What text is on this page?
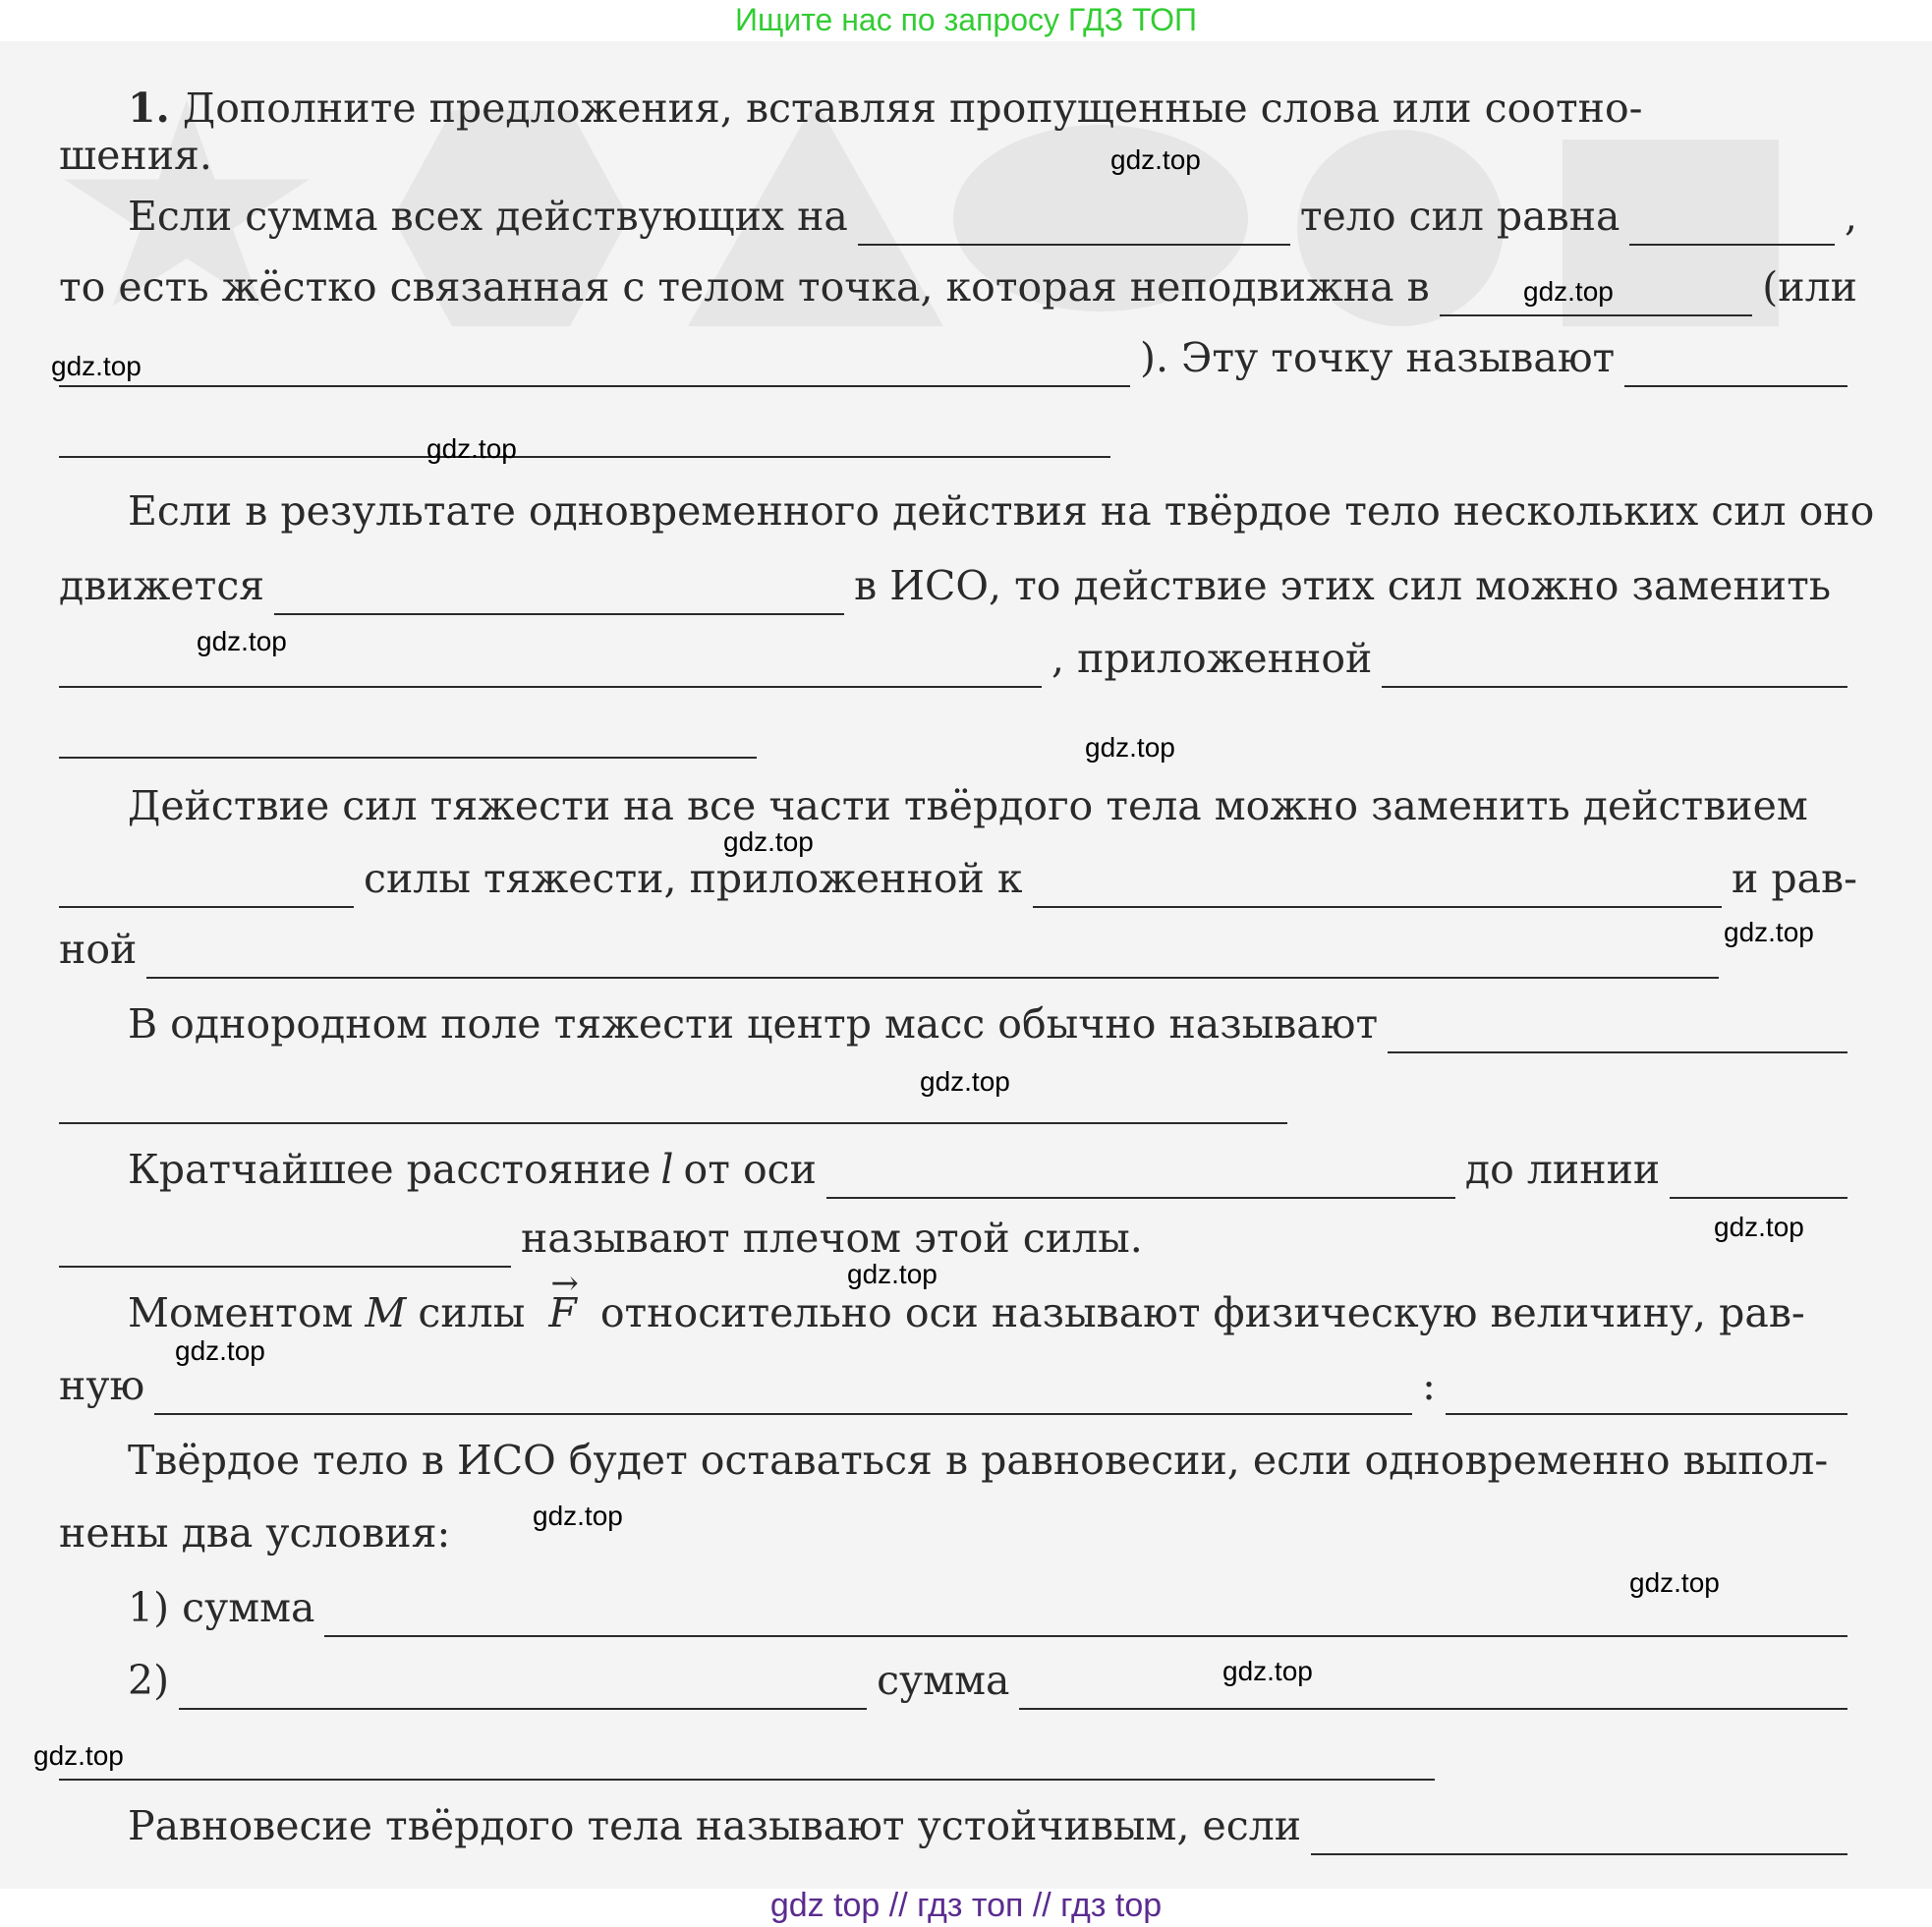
Ищите нас по запросу ГДЗ ТОП
1. Дополните предложения, вставляя пропущенные слова или соотно-
шения.
Если сумма всех действующих на	тело сил равна	,
то есть жёстко связанная с телом точка, которая неподвижна в	(или
). Эту точку называют
Если в результате одновременного действия на твёрдое тело нескольких сил оно
движется	в ИСО, то действие этих сил можно заменить
, приложенной
Действие сил тяжести на все части твёрдого тела можно заменить действием
силы тяжести, приложенной к	и рав-
ной
В однородном поле тяжести центр масс обычно называют
Кратчайшее расстояние l от оси	до линии
называют плечом этой силы.
Моментом M силы → F относительно оси называют физическую величину, рав-
ную	:
Твёрдое тело в ИСО будет оставаться в равновесии, если одновременно выпол-
нены два условия:
1) сумма
2)	сумма
Равновесие твёрдого тела называют устойчивым, если
gdz.top
gdz.top
gdz.top
gdz.top
gdz.top
gdz.top
gdz.top
gdz.top
gdz.top
gdz.top
gdz.top
gdz.top
gdz.top
gdz.top
gdz.top
gdz.top
gdz top // гдз топ // гдз top
